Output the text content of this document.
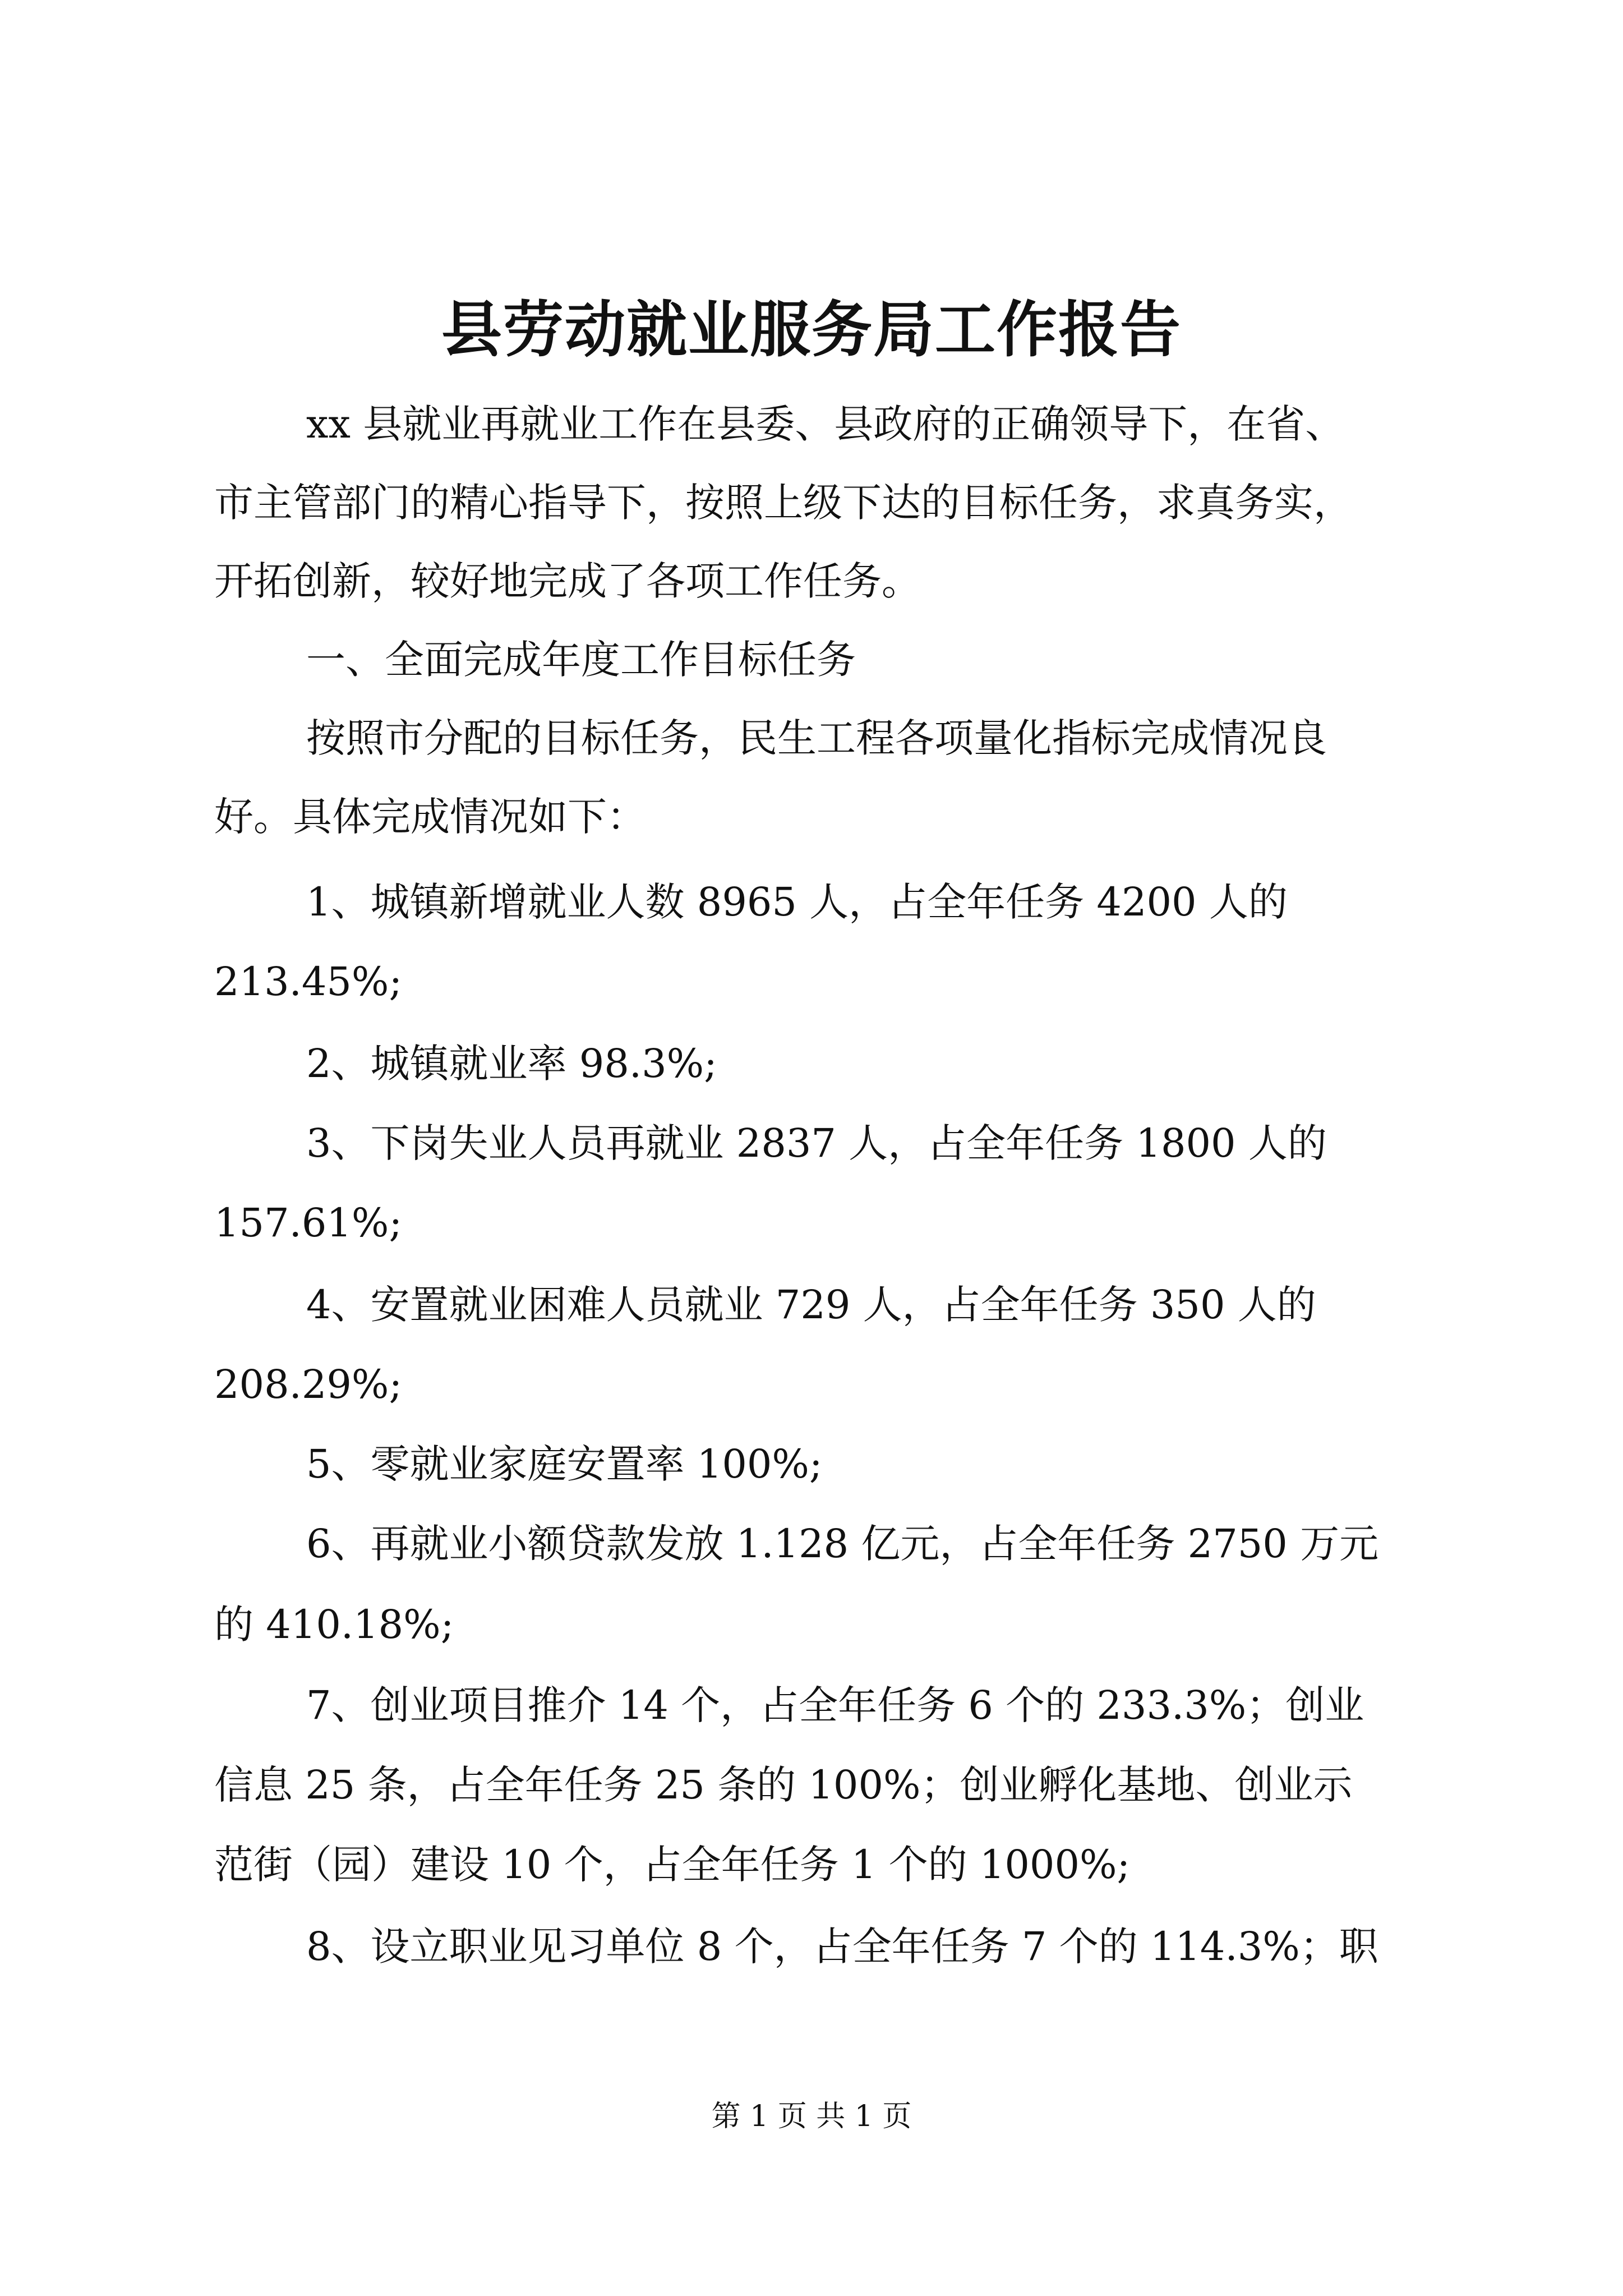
县劳动就业服务局工作报告
xx 县就业再就业工作在县委、县政府的正确领导下，在省、
市主管部门的精心指导下，按照上级下达的目标任务，求真务实，
开拓创新，较好地完成了各项工作任务。
一、全面完成年度工作目标任务
按照市分配的目标任务，民生工程各项量化指标完成情况良
好。具体完成情况如下：
1、城镇新增就业人数 8965 人，占全年任务 4200 人的
213.45%;
2、城镇就业率 98.3%;
3、下岗失业人员再就业 2837 人，占全年任务 1800 人的
157.61%;
4、安置就业困难人员就业 729 人，占全年任务 350 人的
208.29%;
5、零就业家庭安置率 100%;
6、再就业小额贷款发放 1.128 亿元，占全年任务 2750 万元
的 410.18%;
7、创业项目推介 14 个，占全年任务 6 个的 233.3%；创业
信息 25 条，占全年任务 25 条的 100%；创业孵化基地、创业示
范街（园）建设 10 个，占全年任务 1 个的 1000%;
8、设立职业见习单位 8 个，占全年任务 7 个的 114.3%；职
第 1 页 共 1 页
